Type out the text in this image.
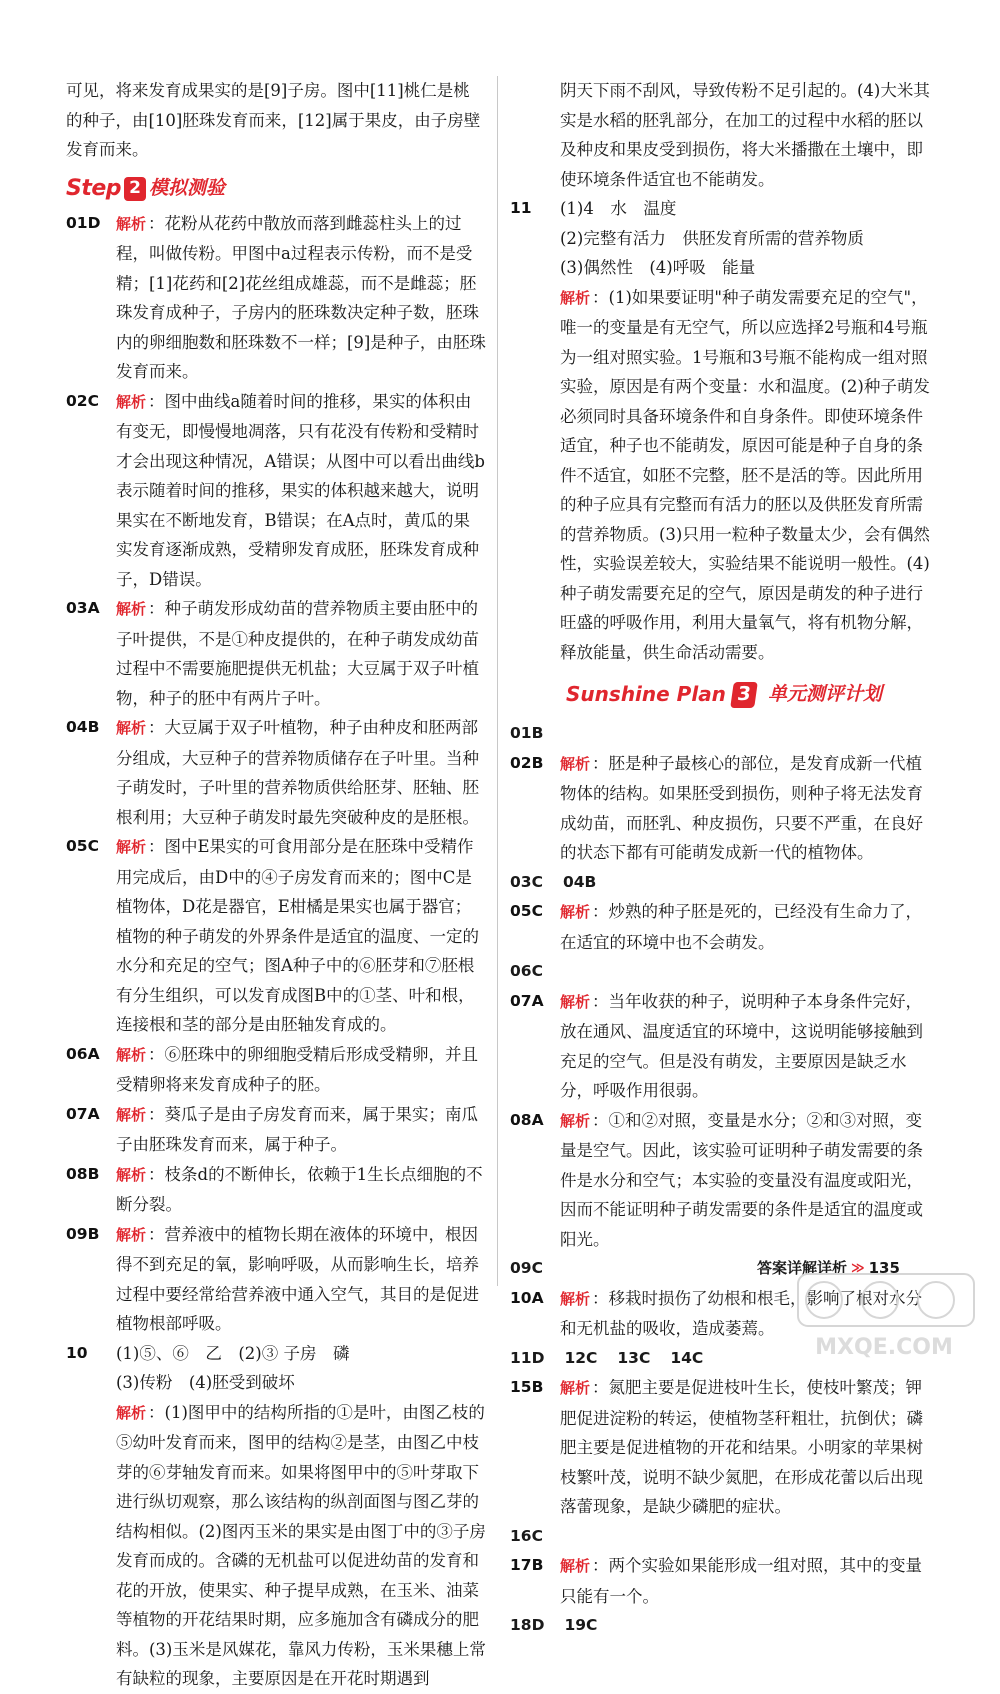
可见，将来发育成果实的是[9]子房。图中[11]桃仁是桃的种子，由[10]胚珠发育而来，[12]属于果皮，由子房壁发育而来。
Step 2 模拟测验
01D	解析 ：花粉从花药中散放而落到雌蕊柱头上的过程，叫做传粉。甲图中a过程表示传粉，而不是受精；[1]花药和[2]花丝组成雄蕊，而不是雌蕊；胚珠发育成种子，子房内的胚珠数决定种子数，胚珠内的卵细胞数和胚珠数不一样；[9]是种子，由胚珠发育而来。
02C	解析 ：图中曲线a随着时间的推移，果实的体积由有变无，即慢慢地凋落，只有花没有传粉和受精时才会出现这种情况，A错误；从图中可以看出曲线b表示随着时间的推移，果实的体积越来越大，说明果实在不断地发育，B错误；在A点时，黄瓜的果实发育逐渐成熟，受精卵发育成胚，胚珠发育成种子，D错误。
03A	解析 ：种子萌发形成幼苗的营养物质主要由胚中的子叶提供，不是①种皮提供的，在种子萌发成幼苗过程中不需要施肥提供无机盐；大豆属于双子叶植物，种子的胚中有两片子叶。
04B	解析 ：大豆属于双子叶植物，种子由种皮和胚两部分组成，大豆种子的营养物质储存在子叶里。当种子萌发时，子叶里的营养物质供给胚芽、胚轴、胚根利用；大豆种子萌发时最先突破种皮的是胚根。
05C	解析 ：图中E果实的可食用部分是在胚珠中受精作用完成后，由D中的④子房发育而来的；图中C是植物体，D花是器官，E柑橘是果实也属于器官；植物的种子萌发的外界条件是适宜的温度、一定的水分和充足的空气；图A种子中的⑥胚芽和⑦胚根有分生组织，可以发育成图B中的①茎、叶和根，连接根和茎的部分是由胚轴发育成的。
06A	解析 ：⑥胚珠中的卵细胞受精后形成受精卵，并且受精卵将来发育成种子的胚。
07A	解析 ：葵瓜子是由子房发育而来，属于果实；南瓜子由胚珠发育而来，属于种子。
08B	解析 ：枝条d的不断伸长，依赖于1生长点细胞的不断分裂。
09B	解析 ：营养液中的植物长期在液体的环境中，根因得不到充足的氧，影响呼吸，从而影响生长，培养过程中要经常给营养液中通入空气，其目的是促进植物根部呼吸。
10	(1)⑤、⑥　乙　(2)③ 子房　磷
(3)传粉　(4)胚受到破坏
解析 ：(1)图甲中的结构所指的①是叶，由图乙枝的⑤幼叶发育而来，图甲的结构②是茎，由图乙中枝芽的⑥芽轴发育而来。如果将图甲中的⑤叶芽取下进行纵切观察，那么该结构的纵剖面图与图乙芽的结构相似。(2)图丙玉米的果实是由图丁中的③子房发育而成的。含磷的无机盐可以促进幼苗的发育和花的开放，使果实、种子提早成熟，在玉米、油菜等植物的开花结果时期，应多施加含有磷成分的肥料。(3)玉米是风媒花，靠风力传粉，玉米果穗上常有缺粒的现象，主要原因是在开花时期遇到
阴天下雨不刮风，导致传粉不足引起的。(4)大米其实是水稻的胚乳部分，在加工的过程中水稻的胚以及种皮和果皮受到损伤，将大米播撒在土壤中，即使环境条件适宜也不能萌发。
11	(1)4　水　温度
(2)完整有活力　供胚发育所需的营养物质
(3)偶然性　(4)呼吸　能量
解析 ：(1)如果要证明"种子萌发需要充足的空气"，唯一的变量是有无空气，所以应选择2号瓶和4号瓶为一组对照实验。1号瓶和3号瓶不能构成一组对照实验，原因是有两个变量：水和温度。(2)种子萌发必须同时具备环境条件和自身条件。即使环境条件适宜，种子也不能萌发，原因可能是种子自身的条件不适宜，如胚不完整，胚不是活的等。因此所用的种子应具有完整而有活力的胚以及供胚发育所需的营养物质。(3)只用一粒种子数量太少，会有偶然性，实验误差较大，实验结果不能说明一般性。(4)种子萌发需要充足的空气，原因是萌发的种子进行旺盛的呼吸作用，利用大量氧气，将有机物分解，释放能量，供生命活动需要。
Sunshine Plan 3 单元测评计划
01B
02B	解析 ：胚是种子最核心的部位，是发育成新一代植物体的结构。如果胚受到损伤，则种子将无法发育成幼苗，而胚乳、种皮损伤，只要不严重，在良好的状态下都有可能萌发成新一代的植物体。
03C 04B
05C	解析 ：炒熟的种子胚是死的，已经没有生命力了，在适宜的环境中也不会萌发。
06C
07A	解析 ：当年收获的种子，说明种子本身条件完好，放在通风、温度适宜的环境中，这说明能够接触到充足的空气。但是没有萌发，主要原因是缺乏水分，呼吸作用很弱。
08A	解析 ：①和②对照，变量是水分；②和③对照，变量是空气。因此，该实验可证明种子萌发需要的条件是水分和空气；本实验的变量没有温度或阳光，因而不能证明种子萌发需要的条件是适宜的温度或阳光。
09C
10A	解析 ：移栽时损伤了幼根和根毛，影响了根对水分和无机盐的吸收，造成萎蔫。
11D 12C 13C 14C
15B	解析 ：氮肥主要是促进枝叶生长，使枝叶繁茂；钾肥促进淀粉的转运，使植物茎秆粗壮，抗倒伏；磷肥主要是促进植物的开花和结果。小明家的苹果树枝繁叶茂，说明不缺少氮肥，在形成花蕾以后出现落蕾现象，是缺少磷肥的症状。
16C
17B	解析 ：两个实验如果能形成一组对照，其中的变量只能有一个。
18D 19C
答案详解详析 ≫ 135
MXQE.COM
